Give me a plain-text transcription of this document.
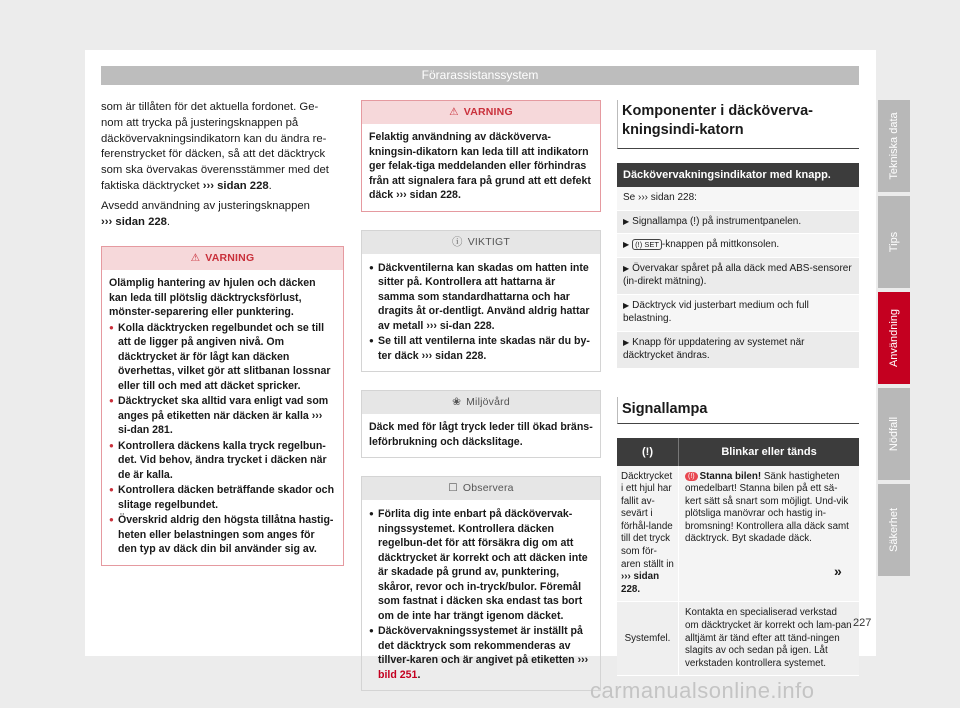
Förarassistanssystem

som är tillåten för det aktuella fordonet. Ge-
nom att trycka på justeringsknappen på
däckövervakningsindikatorn kan du ändra re-
ferenstrycket för däcken, så att det däcktryck
som ska övervakas överensstämmer med det
faktiska däcktrycket ››› sidan 228.

Avsedd användning av justeringsknappen
››› sidan 228.

⚠ VARNING
Olämplig hantering av hjulen och däcken kan leda till plötslig däcktrycksförlust, mönster-separering eller punktering.
● Kolla däcktrycken regelbundet och se till att de ligger på angiven nivå. Om däcktrycket är för lågt kan däcken överhettas, vilket gör att slitbanan lossnar eller till och med att däcket spricker.
● Däcktrycket ska alltid vara enligt vad som anges på etiketten när däcken är kalla ››› si-dan 281.
● Kontrollera däckens kalla tryck regelbun-det. Vid behov, ändra trycket i däcken när de är kalla.
● Kontrollera däcken beträffande skador och slitage regelbundet.
● Överskrid aldrig den högsta tillåtna hastig-heten eller belastningen som anges för den typ av däck din bil använder sig av.
⚠ VARNING
Felaktig användning av däckövervakningsin-dikatorn kan leda till att indikatorn ger felak-tiga meddelanden eller förhindras från att signalera fara på grund att ett defekt däck ››› sidan 228.
ⓘ VIKTIGT
● Däckventilerna kan skadas om hatten inte sitter på. Kontrollera att hattarna är samma som standardhattarna och har dragits åt or-dentligt. Använd aldrig hattar av metall ››› si-dan 228.
● Se till att ventilerna inte skadas när du by-ter däck ››› sidan 228.
❀ Miljövård
Däck med för lågt tryck leder till ökad bräns-leförbrukning och däckslitage.
☐ Observera
● Förlita dig inte enbart på däckövervak-ningssystemet. Kontrollera däcken regelbun-det för att försäkra dig om att däcktrycket är korrekt och att däcken inte är skadade på grund av, punktering, skåror, revor och in-tryck/bulor. Föremål som fastnat i däcken ska endast tas bort om de inte har trängt igenom däcket.
● Däckövervakningssystemet är inställt på det däcktryck som rekommenderas av tillver-karen och är angivet på etiketten ››› bild 251.
Komponenter i däckövervakningsindi-katorn
Däckövervakningsindikator med knapp.
Se ››› sidan 228:
▶ Signallampa (!) på instrumentpanelen.
▶ (!) SET -knappen på mittkonsolen.
▶ Övervakar spåret på alla däck med ABS-sensorer (in-direkt mätning).
▶ Däcktryck vid justerbart medium och full belastning.
▶ Knapp för uppdatering av systemet när däcktrycket ändras.
Signallampa
(!)	Blinkar eller tänds
Däcktrycket i ett hjul har fallit av-sevärt i förhål-lande till det tryck som för-aren ställt in
››› sidan 228.
(!) Stanna bilen! Sänk hastigheten omedelbart! Stanna bilen på ett sä-kert sätt så snart som möjligt. Und-vik plötsliga manövrar och hastig in-bromsning! Kontrollera alla däck samt däcktryck. Byt skadade däck.
Systemfel.
Kontakta en specialiserad verkstad om däcktrycket är korrekt och lam-pan alltjämt är tänd efter att tänd-ningen slagits av och sedan på igen. Låt verkstaden kontrollera systemet.
»
Tekniska data
Tips
Användning
Nödfall
Säkerhet
227
carmanualsonline.info
